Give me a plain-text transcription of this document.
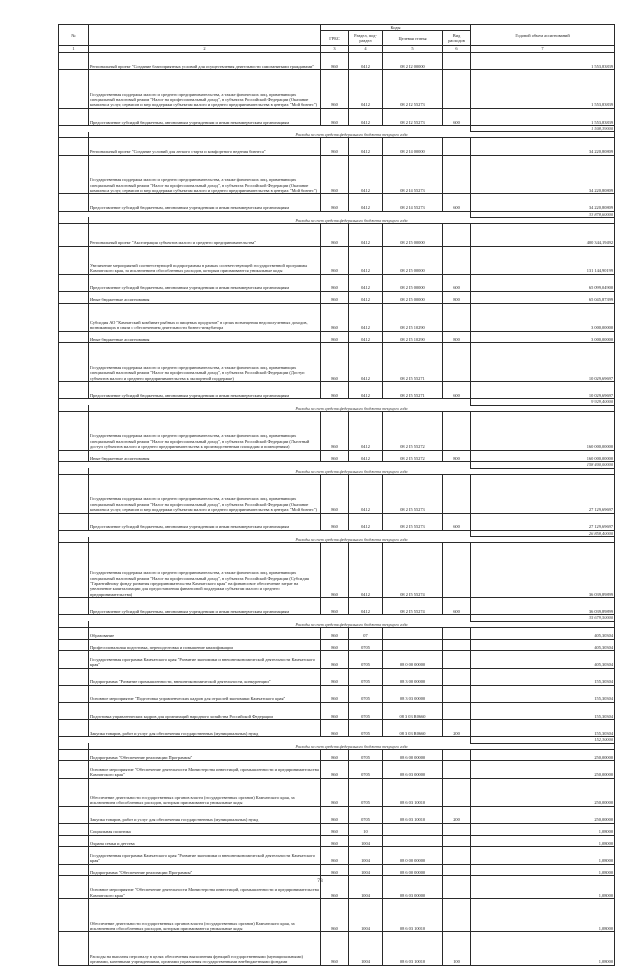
№		Коды				Годовой объем ассигнований
		ГРБС	Раздел, под-раздел	Целевая статья	Вид расходов	
1	2	3	4	5	6	7
	Региональный проект "Создание благоприятных условий для осуществления деятельности самозанятыми гражданами"	860	0412	08 2 I2 00000		1 553,83839
	Государственная поддержка малого и среднего предпринимательства, а также физических лиц, применяющих специальный налоговый режим "Налог на профессиональный доход", в субъектах Российской Федерации (Оказание комплекса услуг, сервисов и мер поддержки субъектам малого и среднего предпринимательства в центрах "Мой бизнес")	860	0412	08 2 I2 55273		1 553,83839
	Предоставление субсидий бюджетным, автономным учреждениям и иным некоммерческим организациям	860	0412	08 2 I2 55273	600	1 553,83839
						1 508,39000
	Расходы за счет средств федерального бюджета текущего года					
	Региональный проект "Создание условий для легкого старта и комфортного ведения бизнеса"	860	0412	08 2 I4 00000		34 220,80809
	Государственная поддержка малого и среднего предпринимательства, а также физических лиц, применяющих специальный налоговый режим "Налог на профессиональный доход", в субъектах Российской Федерации (Оказание комплекса услуг, сервисов и мер поддержки субъектам малого и среднего предпринимательства в центрах "Мой бизнес")	860	0412	08 2 I4 55273		34 220,80809
	Предоставление субсидий бюджетным, автономным учреждениям и иным некоммерческим организациям	860	0412	08 2 I4 55273	600	34 220,80809
						33 878,60000
	Расходы за счет средств федерального бюджета текущего года					
	Региональный проект "Акселерация субъектов малого и среднего предпринимательства"	860	0412	08 2 I5 00000		400 344,19492
	Увеличение мероприятий соответствующей подпрограммы в рамках соответствующей государственной программы Камчатского края, за исключением обособленных расходов, которым присваиваются уникальные коды	860	0412	08 2 I5 00000		131 144,90199
	Предоставление субсидий бюджетным, автономным учреждениям и иным некоммерческим организациям	860	0412	08 2 I5 00000	600	65 099,04900
	Иные бюджетные ассигнования	860	0412	08 2 I5 00000	800	65 045,87399
	Субсидия АО "Камчатский комбинат рыбных и пищевых продуктов" в целях возмещения недополученных доходов, возникающих в связи с обеспечением деятельности бизнес-инкубатора	860	0412	08 2 I5 10290		3 000,00000
	Иные бюджетные ассигнования	860	0412	08 2 I5 10290	800	3 000,00000
	Государственная поддержка малого и среднего предпринимательства, а также физических лиц, применяющих специальный налоговый режим "Налог на профессиональный доход", в субъектах Российской Федерации (Доступ субъектов малого и среднего предпринимательства к экспортной поддержке)	860	0412	08 2 I5 55271		10 029,69697
	Предоставление субсидий бюджетным, автономным учреждениям и иным некоммерческим организациям	860	0412	08 2 I5 55271	600	10 029,69697
						9 929,40000
	Расходы за счет средств федерального бюджета текущего года					
	Государственная поддержка малого и среднего предпринимательства, а также физических лиц, применяющих специальный налоговый режим "Налог на профессиональный доход", в субъектах Российской Федерации (Льготный доступ субъектов малого и среднего предпринимательства к производственным площадям и помещениям)	860	0412	08 2 I5 55272		160 000,00000
	Иные бюджетные ассигнования	860	0412	08 2 I5 55272	800	160 000,00000
						158 400,00000
	Расходы за счет средств федерального бюджета текущего года					
	Государственная поддержка малого и среднего предпринимательства, а также физических лиц, применяющих специальный налоговый режим "Налог на профессиональный доход", в субъектах Российской Федерации (Оказание комплекса услуг, сервисов и мер поддержки субъектам малого и среднего предпринимательства в центрах "Мой бизнес")	860	0412	08 2 I5 55273		27 129,69697
	Предоставление субсидий бюджетным, автономным учреждениям и иным некоммерческим организациям	860	0412	08 2 I5 55273	600	27 129,69697
						26 858,40000
	Расходы за счет средств федерального бюджета текущего года					
	Государственная поддержка малого и среднего предпринимательства, а также физических лиц, применяющих специальный налоговый режим "Налог на профессиональный доход", в субъектах Российской Федерации (Субсидия "Гарантийному фонду развития предпринимательства Камчатского края" на финансовое обеспечение затрат на увеличение капитализации для предоставления финансовой поддержки субъектам малого и среднего предпринимательства)	860	0412	08 2 I5 55274		36 039,89899
	Предоставление субсидий бюджетным, автономным учреждениям и иным некоммерческим организациям	860	0412	08 2 I5 55274	600	36 039,89899
						35 679,50000
	Расходы за счет средств федерального бюджета текущего года					
	Образование	860	07			405,30304
	Профессиональная подготовка, переподготовка и повышение квалификации	860	0705			405,30304
	Государственная программа Камчатского края "Развитие экономики и внешнеэкономической деятельности Камчатского края"	860	0705	08 0 00 00000		405,30304
	Подпрограмма "Развитие промышленности, внешнеэкономической деятельности, конкуренции"	860	0705	08 3 00 00000		155,30304
	Основное мероприятие "Подготовка управленческих кадров для отраслей экономики Камчатского края"	860	0705	08 3 03 00000		155,30304
	Подготовка управленческих кадров для организаций народного хозяйства Российской Федерации	860	0705	08 3 03 R0660		155,30304
	Закупка товаров, работ и услуг для обеспечения государственных (муниципальных) нужд	860	0705	08 3 03 R0660	200	155,30304
						152,30000
	Расходы за счет средств федерального бюджета текущего года					
	Подпрограмма "Обеспечение реализации Программы"	860	0705	08 6 00 00000		250,00000
	Основное мероприятие "Обеспечение деятельности Министерства инвестиций, промышленности и предпринимательства Камчатского края"	860	0705	08 6 03 00000		250,00000
	Обеспечение деятельности государственных органов власти (государственных органов) Камчатского края, за исключением обособленных расходов, которым присваиваются уникальные коды	860	0705	08 6 03 10010		250,00000
	Закупка товаров, работ и услуг для обеспечения государственных (муниципальных) нужд	860	0705	08 6 03 10010	200	250,00000
	Социальная политика	860	10			1,08000
	Охрана семьи и детства	860	1004			1,08000
	Государственная программа Камчатского края "Развитие экономики и внешнеэкономической деятельности Камчатского края"	860	1004	08 0 00 00000		1,08000
	Подпрограмма "Обеспечение реализации Программы"	860	1004	08 6 00 00000		1,08000
	Основное мероприятие "Обеспечение деятельности Министерства инвестиций, промышленности и предпринимательства Камчатского края"	860	1004	08 6 03 00000		1,08000
	Обеспечение деятельности государственных органов власти (государственных органов) Камчатского края, за исключением обособленных расходов, которым присваиваются уникальные коды	860	1004	08 6 03 10010		1,08000
	Расходы на выплаты персоналу в целях обеспечения выполнения функций государственными (муниципальными) органами, казенными учреждениями, органами управления государственными внебюджетными фондами	860	1004	08 6 03 10010	100	1,08000
73
